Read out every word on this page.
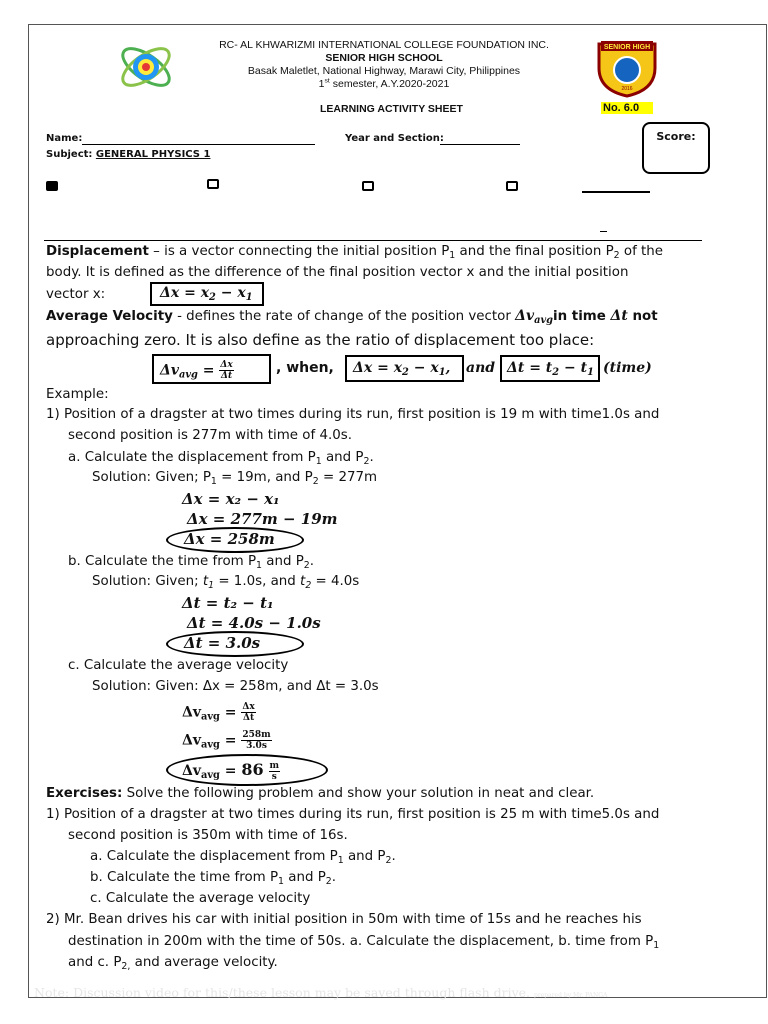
SENIOR HIGH
2016
RC- AL KHWARIZMI INTERNATIONAL COLLEGE FOUNDATION INC.
SENIOR HIGH SCHOOL
Basak Maletlet, National Highway, Marawi City, Philippines
1st semester, A.Y.2020-2021
LEARNING ACTIVITY SHEET	No. 6.0
Name:	Year and Section:
Subject: GENERAL PHYSICS 1
Score:
Displacement – is a vector connecting the initial position $P_1$ and the final position $P_2$ of the
body. It is defined as the difference of the final position vector x and the initial position
vector x:	$\Delta x = x_2 - x_1$
Average Velocity - defines the rate of change of the position vector $\Delta v_{avg}in$ time Δt not
approaching zero. It is also define as the ratio of displacement too place:
$\Delta v_{avg} = \frac{\Delta x}{\Delta t}$	, when, $\Delta x = x_2 - x_1$, and $\Delta t = t_2 - t_1$ (time)
Example:
1) Position of a dragster at two times during its run, first position is 19 m with time1.0s and
second position is 277m with time of 4.0s.
a. Calculate the displacement from $P_1$ and $P_2$.
Solution: Given; $P_1 = 19m$, and $P_2 = 277m$
Δx = x₂ − x₁
Δx = 277m − 19m
Δx = 258m
b. Calculate the time from $P_1$ and $P_2$.
Solution: Given; $t_1 = 1.0s$, and $t_2 = 4.0s$
Δt = t₂ − t₁
Δt = 4.0s − 1.0s
Δt = 3.0s
c. Calculate the average velocity
Solution: Given: Δx = 258m, and Δt = 3.0s
$\Delta v_{avg} = \frac{\Delta x}{\Delta t}$
$\Delta v_{avg} = \frac{258m}{3.0s}$
$\Delta v_{avg} = 86 \frac{m}{s}$
Exercises: Solve the following problem and show your solution in neat and clear.
1) Position of a dragster at two times during its run, first position is 25 m with time5.0s and
second position is 350m with time of 16s.
a. Calculate the displacement from $P_1$ and $P_2$.
b. Calculate the time from $P_1$ and $P_2$.
c. Calculate the average velocity
2) Mr. Bean drives his car with initial position in 50m with time of 15s and he reaches his
destination in 200m with the time of 50s. a. Calculate the displacement, b. time from $P_1$
and c. $P_{2,}$ and average velocity.
Note: Discussion video for this/these lesson may be saved through flash drive. prepared by Mr. PANGA
